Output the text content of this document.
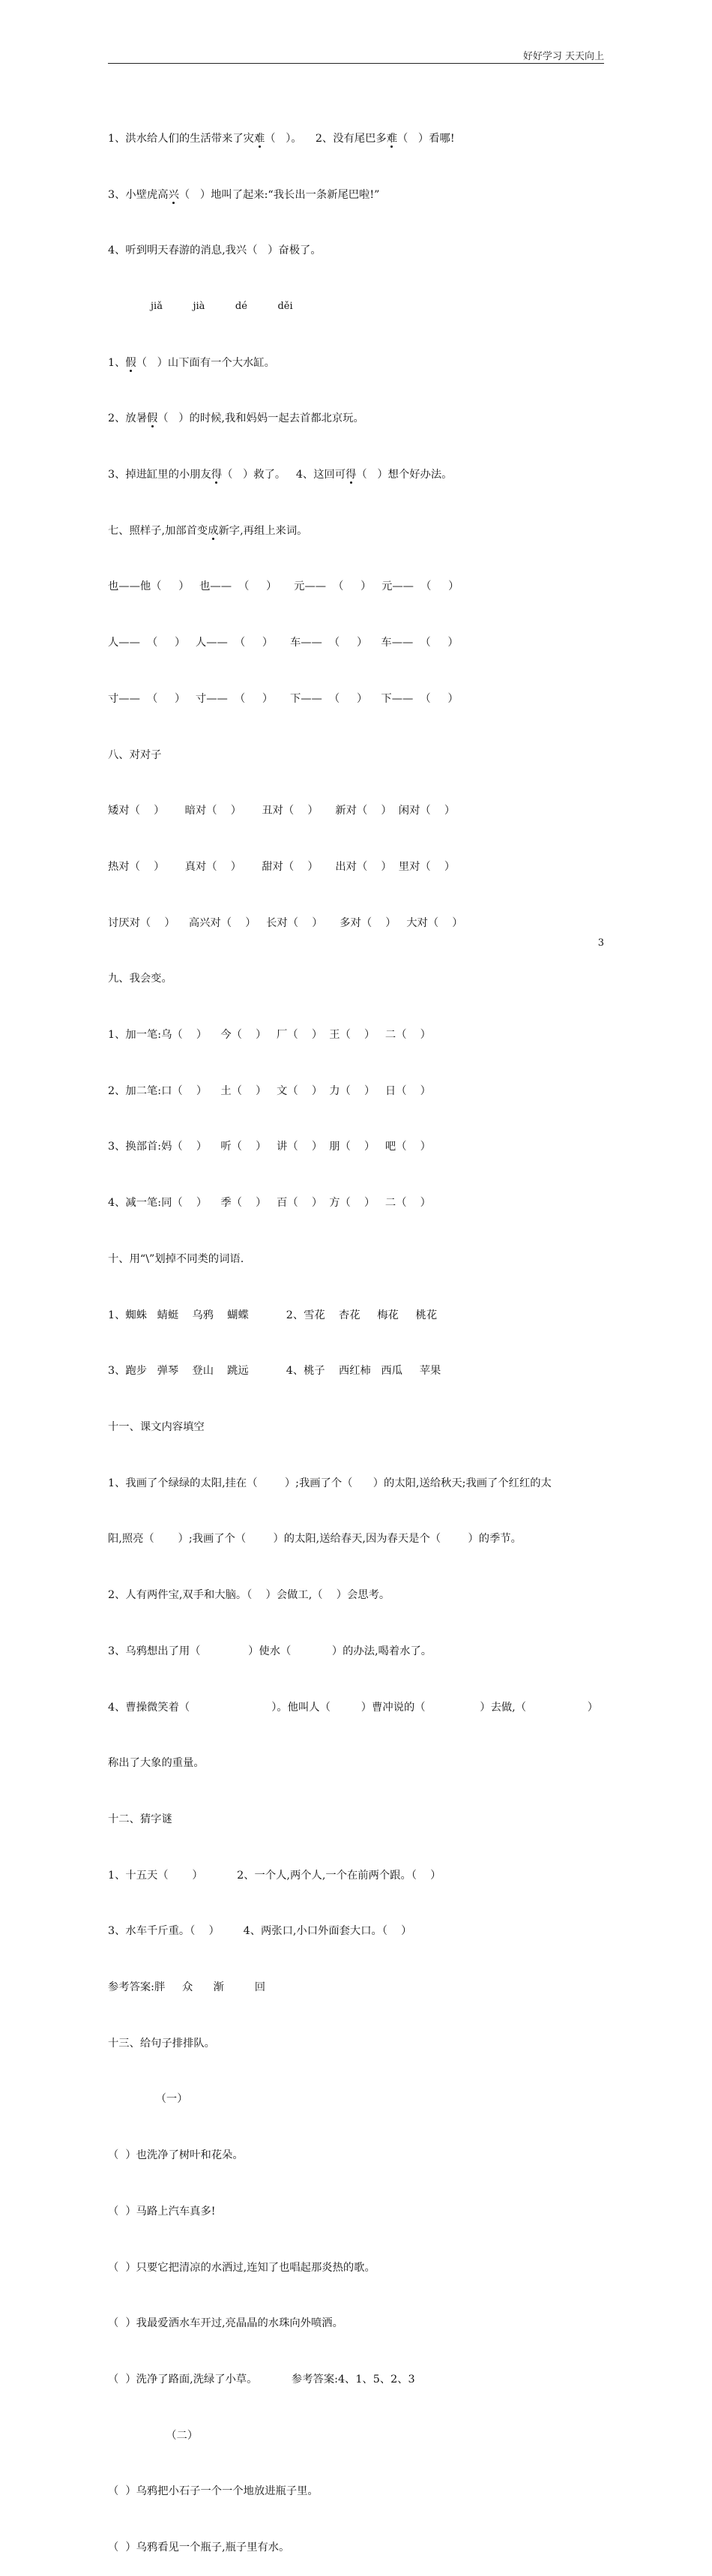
好好学习 天天向上

1、洪水给人们的生活带来了灾难（   ）。    2、没有尾巴多难（   ）看哪!

3、小壁虎高兴（   ）地叫了起来:“我长出一条新尾巴啦!”

4、听到明天春游的消息,我兴（   ）奋极了。

jiǎ    jià    dé    děi

1、假（   ）山下面有一个大水缸。

2、放暑假（   ）的时候,我和妈妈一起去首都北京玩。

3、掉进缸里的小朋友得（   ）救了。   4、这回可得（   ）想个好办法。

七、照样子,加部首变成新字,再组上来词。

也——他（     ）   也——  （     ）     元——  （     ）   元——  （     ）

人——  （     ）   人——  （     ）     车——  （     ）    车——  （     ）

寸——  （     ）   寸——  （     ）     下——  （     ）    下——  （     ）

八、对对子

矮对（    ）      暗对（    ）      丑对（    ）     新对（    ）  闲对（    ）

热对（    ）      真对（    ）      甜对（    ）     出对（    ）  里对（    ）

讨厌对（    ）    高兴对（    ）   长对（    ）     多对（    ）   大对（    ）

九、我会变。

1、加一笔:乌（    ）    今（    ）   厂（    ）  王（    ）   二（    ）

2、加二笔:口（    ）    土（    ）   文（    ）  力（    ）   日（    ）

3、换部首:妈（    ）    听（    ）   讲（    ）  朋（    ）   吧（    ）

4、减一笔:同（    ）    季（    ）   百（    ）  方（    ）   二（    ）

十、用“\”划掉不同类的词语.

1、蜘蛛   蜻蜓    乌鸦    蝴蝶           2、雪花    杏花     梅花     桃花

3、跑步   弹琴    登山    跳远           4、桃子    西红柿   西瓜     苹果

十一、课文内容填空

1、我画了个绿绿的太阳,挂在（        ）;我画了个（      ）的太阳,送给秋天;我画了个红红的太

阳,照亮（       ）;我画了个（        ）的太阳,送给春天,因为春天是个（        ）的季节。

2、人有两件宝,双手和大脑。（    ）会做工,（    ）会思考。

3、乌鸦想出了用（              ）使水（            ）的办法,喝着水了。

4、曹操微笑着（                        ）。他叫人（         ）曹冲说的（                ）去做,（                  ）

称出了大象的重量。

十二、猜字谜

1、十五天（       ）          2、一个人,两个人,一个在前两个跟。（    ）

3、水车千斤重。（    ）       4、两张口,小口外面套大口。（    ）

参考答案:胖     众      渐         回

十三、给句子排排队。

（一）

（  ）也洗净了树叶和花朵。

（  ）马路上汽车真多!

（  ）只要它把清凉的水洒过,连知了也唱起那炎热的歌。

（  ）我最爱洒水车开过,亮晶晶的水珠向外喷洒。

（  ）洗净了路面,洗绿了小草。          参考答案:4、1、5、2、3

（二）

（  ）乌鸦把小石子一个一个地放进瓶子里。

（  ）乌鸦看见一个瓶子,瓶子里有水。

3
